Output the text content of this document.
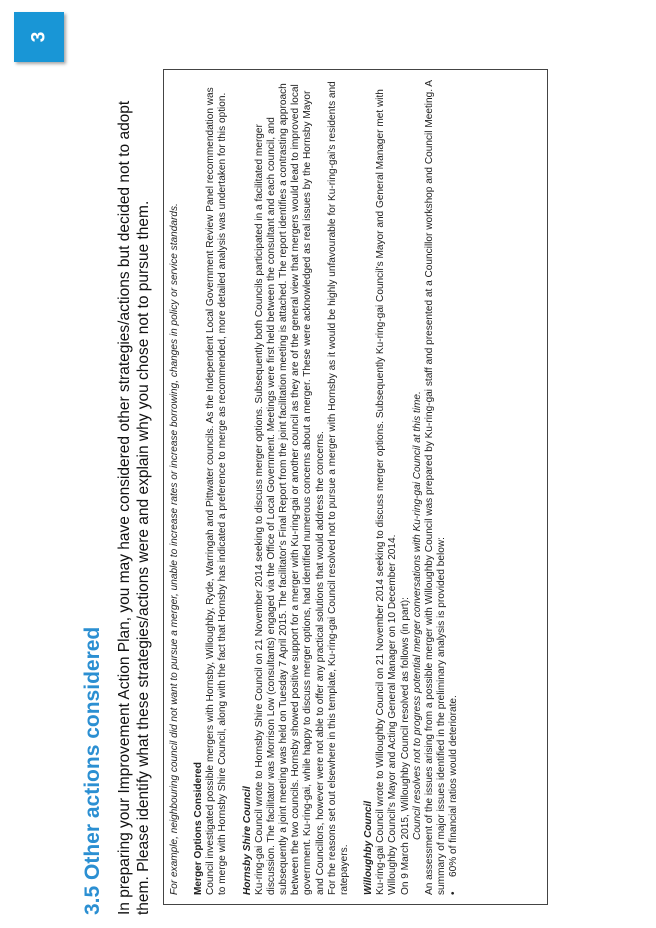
3
3.5 Other actions considered In preparing your Improvement Action Plan, you may have considered other strategies/actions but decided not to adopt them. Please identify what these strategies/actions were and explain why you chose not to pursue them. For example, neighbouring council did not want to pursue a merger, unable to increase rates or increase borrowing, changes in policy or service standards. Merger Options Considered Council investigated possible mergers with Hornsby, Willoughby, Ryde, Warringah and Pittwater councils. As the Independent Local Government Review Panel recommendation was to merge with Hornsby Shire Council, along with the fact that Hornsby has indicated a preference to merge as recommended, more detailed analysis was undertaken for this option. Hornsby Shire Council Ku-ring-gai Council wrote to Hornsby Shire Council on 21 November 2014 seeking to discuss merger options. Subsequently both Councils participated in a facilitated merger discussion. The facilitator was Morrison Low (consultants) engaged via the Office of Local Government. Meetings were first held between the consultant and each council, and subsequently a joint meeting was held on Tuesday 7 April 2015. The facilitator's Final Report from the joint facilitation meeting is attached. The report identifies a contrasting approach between the two councils. Hornsby showed positive support for a merger with Ku-ring-gai or another council as they are of the general view that mergers would lead to improved local government. Ku-ring-gai, while happy to discuss merger options, had identified numerous concerns about a merger. These were acknowledged as real issues by the Hornsby Mayor and Councillors, however were not able to offer any practical solutions that would address the concerns. For the reasons set out elsewhere in this template, Ku-ring-gai Council resolved not to pursue a merger with Hornsby as it would be highly unfavourable for Ku-ring-gai's residents and ratepayers. Willoughby Council Ku-ring-gai Council wrote to Willoughby Council on 21 November 2014 seeking to discuss merger options. Subsequently Ku-ring-gai Council's Mayor and General Manager met with Willoughby Council's Mayor and Acting General Manager on 10 December 2014. On 9 March 2015, Willoughby Council resolved as follows (in part): Council resolves not to progress potential merger conversations with Ku-ring-gai Council at this time. An assessment of the issues arising from a possible merger with Willoughby Council was prepared by Ku-ring-gai staff and presented at a Councillor workshop and Council Meeting. A summary of major issues identified in the preliminary analysis is provided below: •
60% of financial ratios would deteriorate.
